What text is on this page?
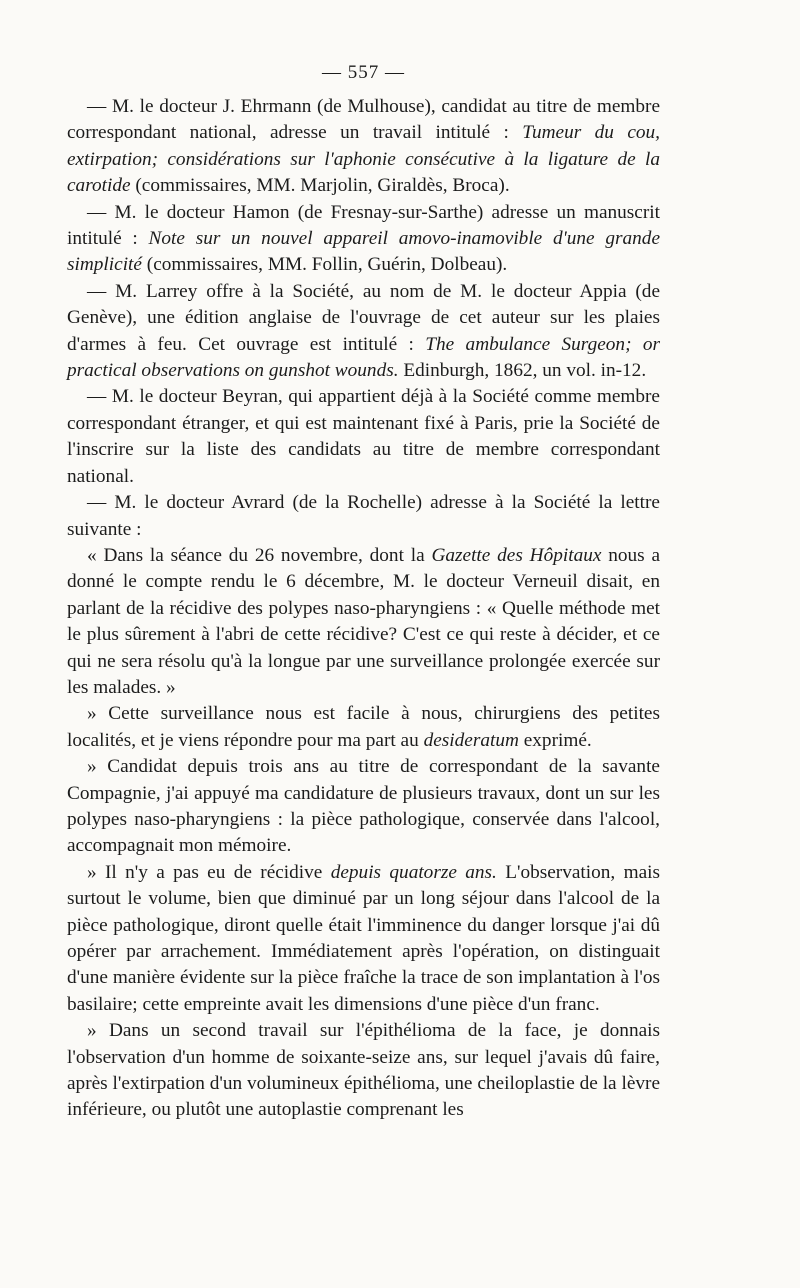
— 557 —

— M. le docteur J. Ehrmann (de Mulhouse), candidat au titre de membre correspondant national, adresse un travail intitulé : Tumeur du cou, extirpation; considérations sur l'aphonie consécutive à la ligature de la carotide (commissaires, MM. Marjolin, Giraldès, Broca).

— M. le docteur Hamon (de Fresnay-sur-Sarthe) adresse un manuscrit intitulé : Note sur un nouvel appareil amovo-inamovible d'une grande simplicité (commissaires, MM. Follin, Guérin, Dolbeau).

— M. Larrey offre à la Société, au nom de M. le docteur Appia (de Genève), une édition anglaise de l'ouvrage de cet auteur sur les plaies d'armes à feu. Cet ouvrage est intitulé : The ambulance Surgeon; or practical observations on gunshot wounds. Edinburgh, 1862, un vol. in-12.

— M. le docteur Beyran, qui appartient déjà à la Société comme membre correspondant étranger, et qui est maintenant fixé à Paris, prie la Société de l'inscrire sur la liste des candidats au titre de membre correspondant national.

— M. le docteur Avrard (de la Rochelle) adresse à la Société la lettre suivante :

« Dans la séance du 26 novembre, dont la Gazette des Hôpitaux nous a donné le compte rendu le 6 décembre, M. le docteur Verneuil disait, en parlant de la récidive des polypes naso-pharyngiens : « Quelle méthode met le plus sûrement à l'abri de cette récidive? C'est ce qui reste à décider, et ce qui ne sera résolu qu'à la longue par une surveillance prolongée exercée sur les malades. »

» Cette surveillance nous est facile à nous, chirurgiens des petites localités, et je viens répondre pour ma part au desideratum exprimé.

» Candidat depuis trois ans au titre de correspondant de la savante Compagnie, j'ai appuyé ma candidature de plusieurs travaux, dont un sur les polypes naso-pharyngiens : la pièce pathologique, conservée dans l'alcool, accompagnait mon mémoire.

» Il n'y a pas eu de récidive depuis quatorze ans. L'observation, mais surtout le volume, bien que diminué par un long séjour dans l'alcool de la pièce pathologique, diront quelle était l'imminence du danger lorsque j'ai dû opérer par arrachement. Immédiatement après l'opération, on distinguait d'une manière évidente sur la pièce fraîche la trace de son implantation à l'os basilaire; cette empreinte avait les dimensions d'une pièce d'un franc.

» Dans un second travail sur l'épithélioma de la face, je donnais l'observation d'un homme de soixante-seize ans, sur lequel j'avais dû faire, après l'extirpation d'un volumineux épithélioma, une cheiloplastie de la lèvre inférieure, ou plutôt une autoplastie comprenant les
